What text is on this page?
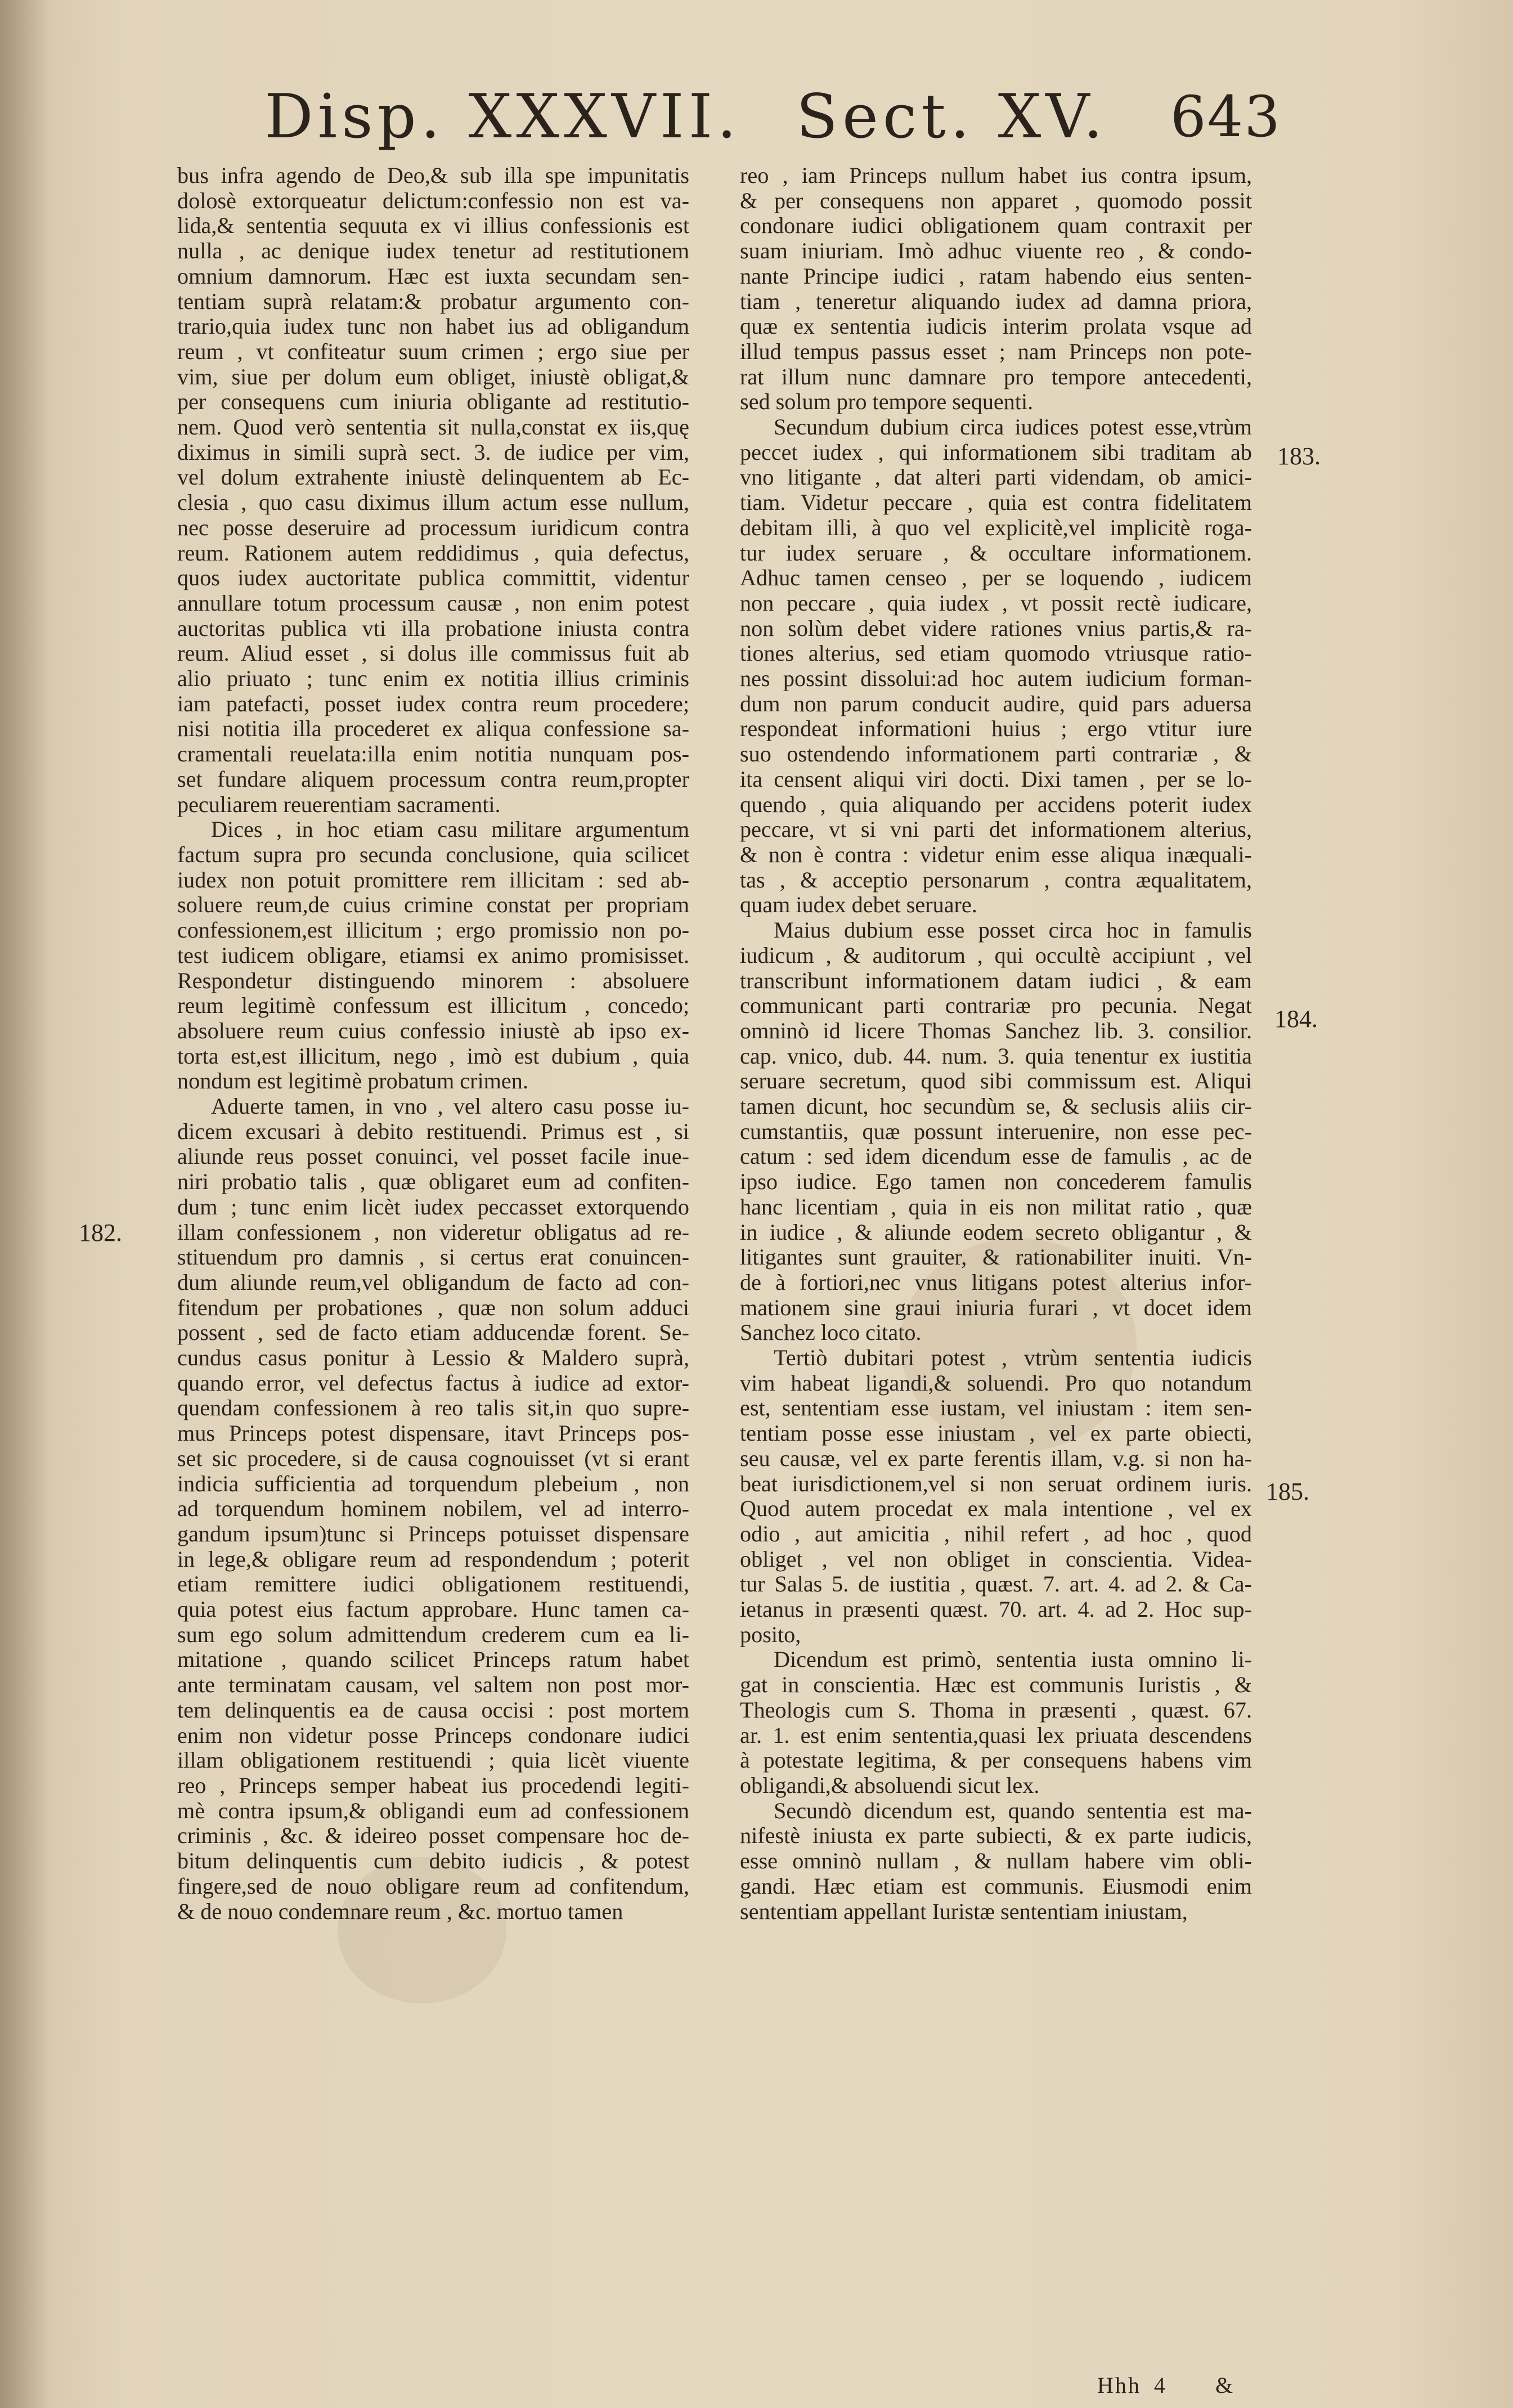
Disp. XXXVII. Sect. XV. 643

bus infra agendo de Deo,& sub illa spe impunitatis

dolosè extorqueatur delictum:confessio non est va-

lida,& sententia sequuta ex vi illius confessionis est

nulla , ac denique iudex tenetur ad restitutionem

omnium damnorum. Hæc est iuxta secundam sen-

tentiam suprà relatam:& probatur argumento con-

trario,quia iudex tunc non habet ius ad obligandum

reum , vt confiteatur suum crimen ; ergo siue per

vim, siue per dolum eum obliget, iniustè obligat,&

per consequens cum iniuria obligante ad restitutio-

nem. Quod verò sententia sit nulla,constat ex iis,quę

diximus in simili suprà sect. 3. de iudice per vim,

vel dolum extrahente iniustè delinquentem ab Ec-

clesia , quo casu diximus illum actum esse nullum,

nec posse deseruire ad processum iuridicum contra

reum. Rationem autem reddidimus , quia defectus,

quos iudex auctoritate publica committit, videntur

annullare totum processum causæ , non enim potest

auctoritas publica vti illa probatione iniusta contra

reum. Aliud esset , si dolus ille commissus fuit ab

alio priuato ; tunc enim ex notitia illius criminis

iam patefacti, posset iudex contra reum procedere;

nisi notitia illa procederet ex aliqua confessione sa-

cramentali reuelata:illa enim notitia nunquam pos-

set fundare aliquem processum contra reum,propter

peculiarem reuerentiam sacramenti.

Dices , in hoc etiam casu militare argumentum

factum supra pro secunda conclusione, quia scilicet

iudex non potuit promittere rem illicitam : sed ab-

soluere reum,de cuius crimine constat per propriam

confessionem,est illicitum ; ergo promissio non po-

test iudicem obligare, etiamsi ex animo promisisset.

Respondetur distinguendo minorem : absoluere

reum legitimè confessum est illicitum , concedo;

absoluere reum cuius confessio iniustè ab ipso ex-

torta est,est illicitum, nego , imò est dubium , quia

nondum est legitimè probatum crimen.

Aduerte tamen, in vno , vel altero casu posse iu-

dicem excusari à debito restituendi. Primus est , si

aliunde reus posset conuinci, vel posset facile inue-

niri probatio talis , quæ obligaret eum ad confiten-

dum ; tunc enim licèt iudex peccasset extorquendo

illam confessionem , non videretur obligatus ad re-

stituendum pro damnis , si certus erat conuincen-

dum aliunde reum,vel obligandum de facto ad con-

fitendum per probationes , quæ non solum adduci

possent , sed de facto etiam adducendæ forent. Se-

cundus casus ponitur à Lessio & Maldero suprà,

quando error, vel defectus factus à iudice ad extor-

quendam confessionem à reo talis sit,in quo supre-

mus Princeps potest dispensare, itavt Princeps pos-

set sic procedere, si de causa cognouisset (vt si erant

indicia sufficientia ad torquendum plebeium , non

ad torquendum hominem nobilem, vel ad interro-

gandum ipsum)tunc si Princeps potuisset dispensare

in lege,& obligare reum ad respondendum ; poterit

etiam remittere iudici obligationem restituendi,

quia potest eius factum approbare. Hunc tamen ca-

sum ego solum admittendum crederem cum ea li-

mitatione , quando scilicet Princeps ratum habet

ante terminatam causam, vel saltem non post mor-

tem delinquentis ea de causa occisi : post mortem

enim non videtur posse Princeps condonare iudici

illam obligationem restituendi ; quia licèt viuente

reo , Princeps semper habeat ius procedendi legiti-

mè contra ipsum,& obligandi eum ad confessionem

criminis , &c. & ideireo posset compensare hoc de-

bitum delinquentis cum debito iudicis , & potest

fingere,sed de nouo obligare reum ad confitendum,

& de nouo condemnare reum , &c. mortuo tamen

reo , iam Princeps nullum habet ius contra ipsum,

& per consequens non apparet , quomodo possit

condonare iudici obligationem quam contraxit per

suam iniuriam. Imò adhuc viuente reo , & condo-

nante Principe iudici , ratam habendo eius senten-

tiam , teneretur aliquando iudex ad damna priora,

quæ ex sententia iudicis interim prolata vsque ad

illud tempus passus esset ; nam Princeps non pote-

rat illum nunc damnare pro tempore antecedenti,

sed solum pro tempore sequenti.

Secundum dubium circa iudices potest esse,vtrùm

peccet iudex , qui informationem sibi traditam ab

vno litigante , dat alteri parti videndam, ob amici-

tiam. Videtur peccare , quia est contra fidelitatem

debitam illi, à quo vel explicitè,vel implicitè roga-

tur iudex seruare , & occultare informationem.

Adhuc tamen censeo , per se loquendo , iudicem

non peccare , quia iudex , vt possit rectè iudicare,

non solùm debet videre rationes vnius partis,& ra-

tiones alterius, sed etiam quomodo vtriusque ratio-

nes possint dissolui:ad hoc autem iudicium forman-

dum non parum conducit audire, quid pars aduersa

respondeat informationi huius ; ergo vtitur iure

suo ostendendo informationem parti contrariæ , &

ita censent aliqui viri docti. Dixi tamen , per se lo-

quendo , quia aliquando per accidens poterit iudex

peccare, vt si vni parti det informationem alterius,

& non è contra : videtur enim esse aliqua inæquali-

tas , & acceptio personarum , contra æqualitatem,

quam iudex debet seruare.

Maius dubium esse posset circa hoc in famulis

iudicum , & auditorum , qui occultè accipiunt , vel

transcribunt informationem datam iudici , & eam

communicant parti contrariæ pro pecunia. Negat

omninò id licere Thomas Sanchez lib. 3. consilior.

cap. vnico, dub. 44. num. 3. quia tenentur ex iustitia

seruare secretum, quod sibi commissum est. Aliqui

tamen dicunt, hoc secundùm se, & seclusis aliis cir-

cumstantiis, quæ possunt interuenire, non esse pec-

catum : sed idem dicendum esse de famulis , ac de

ipso iudice. Ego tamen non concederem famulis

hanc licentiam , quia in eis non militat ratio , quæ

in iudice , & aliunde eodem secreto obligantur , &

litigantes sunt grauiter, & rationabiliter inuiti. Vn-

de à fortiori,nec vnus litigans potest alterius infor-

mationem sine graui iniuria furari , vt docet idem

Sanchez loco citato.

Tertiò dubitari potest , vtrùm sententia iudicis

vim habeat ligandi,& soluendi. Pro quo notandum

est, sententiam esse iustam, vel iniustam : item sen-

tentiam posse esse iniustam , vel ex parte obiecti,

seu causæ, vel ex parte ferentis illam, v.g. si non ha-

beat iurisdictionem,vel si non seruat ordinem iuris.

Quod autem procedat ex mala intentione , vel ex

odio , aut amicitia , nihil refert , ad hoc , quod

obliget , vel non obliget in conscientia. Videa-

tur Salas 5. de iustitia , quæst. 7. art. 4. ad 2. & Ca-

ietanus in præsenti quæst. 70. art. 4. ad 2. Hoc sup-

posito,

Dicendum est primò, sententia iusta omnino li-

gat in conscientia. Hæc est communis Iuristis , &

Theologis cum S. Thoma in præsenti , quæst. 67.

ar. 1. est enim sententia,quasi lex priuata descendens

à potestate legitima, & per consequens habens vim

obligandi,& absoluendi sicut lex.

Secundò dicendum est, quando sententia est ma-

nifestè iniusta ex parte subiecti, & ex parte iudicis,

esse omninò nullam , & nullam habere vim obli-

gandi. Hæc etiam est communis. Eiusmodi enim

sententiam appellant Iuristæ sententiam iniustam,

182.
183.
184.
185.
Hhh 4 &
